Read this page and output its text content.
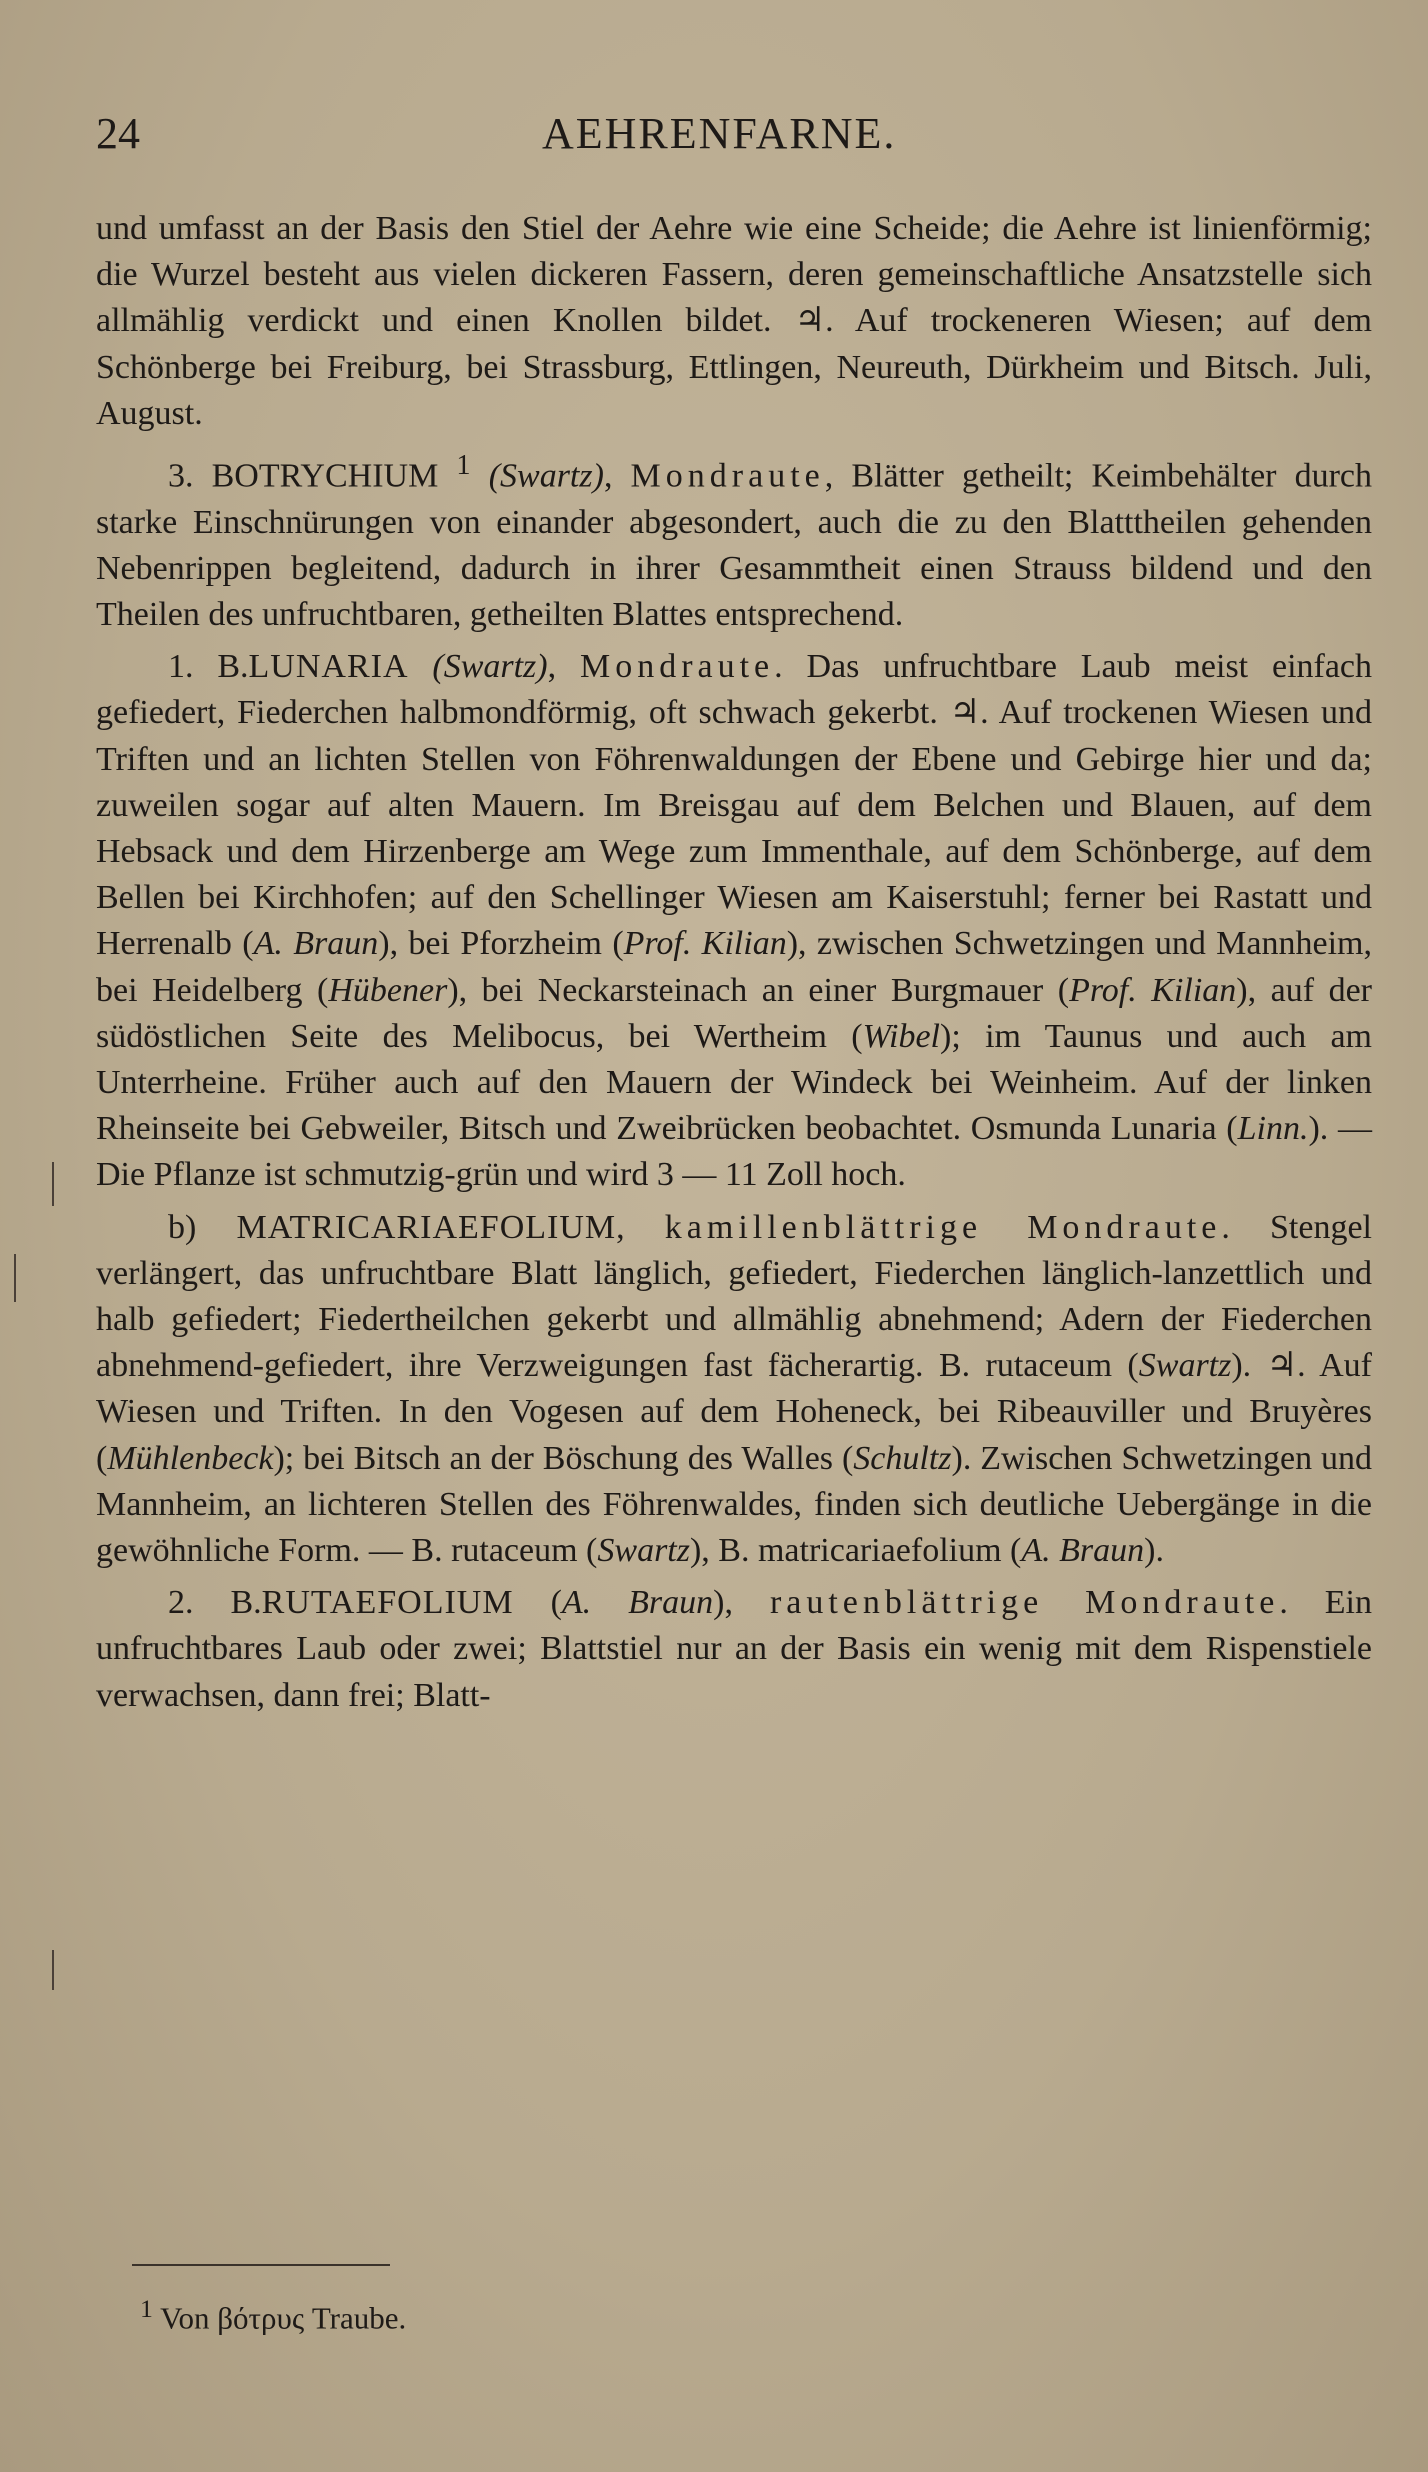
24	AEHRENFARNE.

und umfasst an der Basis den Stiel der Aehre wie eine Scheide; die Aehre ist linienförmig; die Wurzel besteht aus vielen dickeren Fassern, deren gemeinschaftliche Ansatzstelle sich allmählig verdickt und einen Knollen bildet. ♃. Auf trockeneren Wiesen; auf dem Schönberge bei Freiburg, bei Strassburg, Ettlingen, Neureuth, Dürkheim und Bitsch. Juli, August.

3. BOTRYCHIUM $^1$ (Swartz), Mondraute, Blätter getheilt; Keimbehälter durch starke Einschnürungen von einander abgesondert, auch die zu den Blatttheilen gehenden Nebenrippen begleitend, dadurch in ihrer Gesammtheit einen Strauss bildend und den Theilen des unfruchtbaren, getheilten Blattes entsprechend.

1. B.LUNARIA (Swartz), Mondraute. Das unfruchtbare Laub meist einfach gefiedert, Fiederchen halbmondförmig, oft schwach gekerbt. ♃. Auf trockenen Wiesen und Triften und an lichten Stellen von Föhrenwaldungen der Ebene und Gebirge hier und da; zuweilen sogar auf alten Mauern. Im Breisgau auf dem Belchen und Blauen, auf dem Hebsack und dem Hirzenberge am Wege zum Immenthale, auf dem Schönberge, auf dem Bellen bei Kirchhofen; auf den Schellinger Wiesen am Kaiserstuhl; ferner bei Rastatt und Herrenalb (A. Braun), bei Pforzheim (Prof. Kilian), zwischen Schwetzingen und Mannheim, bei Heidelberg (Hübener), bei Neckarsteinach an einer Burgmauer (Prof. Kilian), auf der südöstlichen Seite des Melibocus, bei Wertheim (Wibel); im Taunus und auch am Unterrheine. Früher auch auf den Mauern der Windeck bei Weinheim. Auf der linken Rheinseite bei Gebweiler, Bitsch und Zweibrücken beobachtet. Osmunda Lunaria (Linn.). — Die Pflanze ist schmutzig-grün und wird 3 — 11 Zoll hoch.

b) MATRICARIAEFOLIUM, kamillenblättrige Mondraute. Stengel verlängert, das unfruchtbare Blatt länglich, gefiedert, Fiederchen länglich-lanzettlich und halb gefiedert; Fiedertheilchen gekerbt und allmählig abnehmend; Adern der Fiederchen abnehmend-gefiedert, ihre Verzweigungen fast fächerartig. B. rutaceum (Swartz). ♃. Auf Wiesen und Triften. In den Vogesen auf dem Hoheneck, bei Ribeauviller und Bruyères (Mühlenbeck); bei Bitsch an der Böschung des Walles (Schultz). Zwischen Schwetzingen und Mannheim, an lichteren Stellen des Föhrenwaldes, finden sich deutliche Uebergänge in die gewöhnliche Form. — B. rutaceum (Swartz), B. matricariaefolium (A. Braun).

2. B.RUTAEFOLIUM (A. Braun), rautenblättrige Mondraute. Ein unfruchtbares Laub oder zwei; Blattstiel nur an der Basis ein wenig mit dem Rispenstiele verwachsen, dann frei; Blatt-

$^1$ Von βότρυς Traube.
